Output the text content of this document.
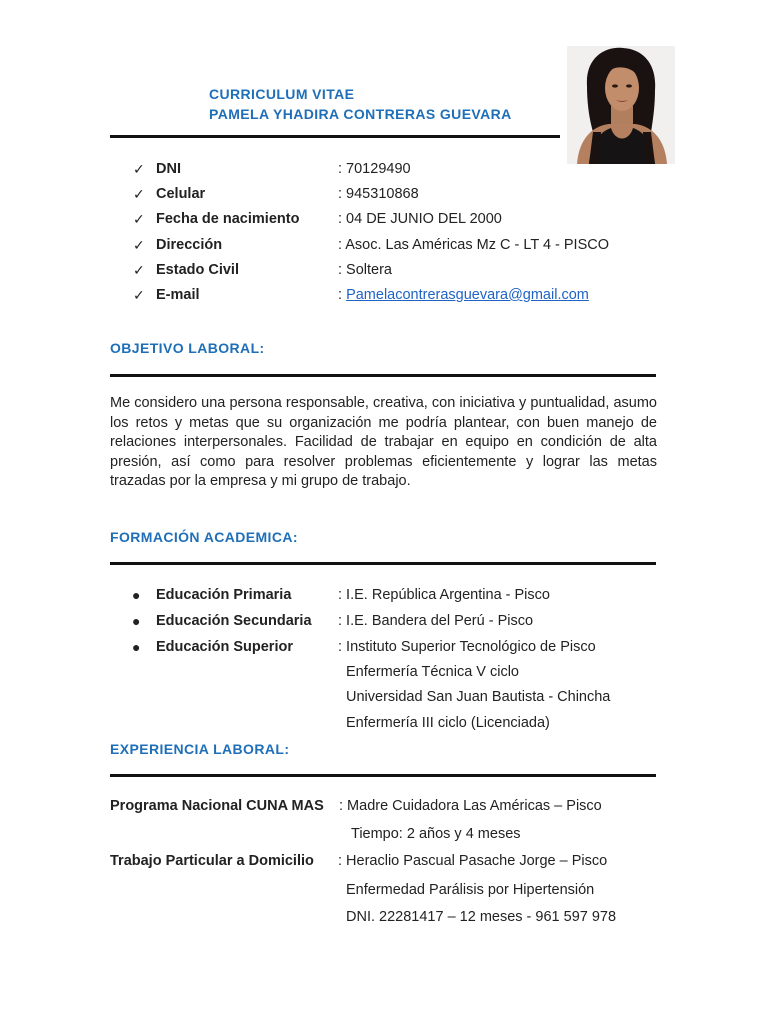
CURRICULUM VITAE
PAMELA YHADIRA CONTRERAS GUEVARA
✓ DNI	: 70129490
✓ Celular	: 945310868
✓ Fecha de nacimiento	: 04 DE JUNIO DEL 2000
✓ Dirección	: Asoc. Las Américas Mz C - LT 4 - PISCO
✓ Estado Civil	: Soltera
✓ E-mail	: Pamelacontrerasguevara@gmail.com
OBJETIVO LABORAL:
Me considero una persona responsable, creativa, con iniciativa y puntualidad, asumo los retos y metas que su organización me podría plantear, con buen manejo de relaciones interpersonales. Facilidad de trabajar en equipo en condición de alta presión, así como para resolver problemas eficientemente y lograr las metas trazadas por la empresa y mi grupo de trabajo.
FORMACIÓN ACADEMICA:
● Educación Primaria	: I.E. República Argentina - Pisco
● Educación Secundaria : I.E. Bandera del Perú - Pisco
● Educación Superior	: Instituto Superior Tecnológico de Pisco
Enfermería Técnica V ciclo
Universidad San Juan Bautista - Chincha
Enfermería III ciclo (Licenciada)
EXPERIENCIA LABORAL:
Programa Nacional CUNA MAS : Madre Cuidadora Las Américas – Pisco
Tiempo: 2 años y 4 meses
Trabajo Particular a Domicilio : Heraclio Pascual Pasache Jorge – Pisco
Enfermedad Parálisis por Hipertensión
DNI. 22281417 – 12 meses - 961 597 978
